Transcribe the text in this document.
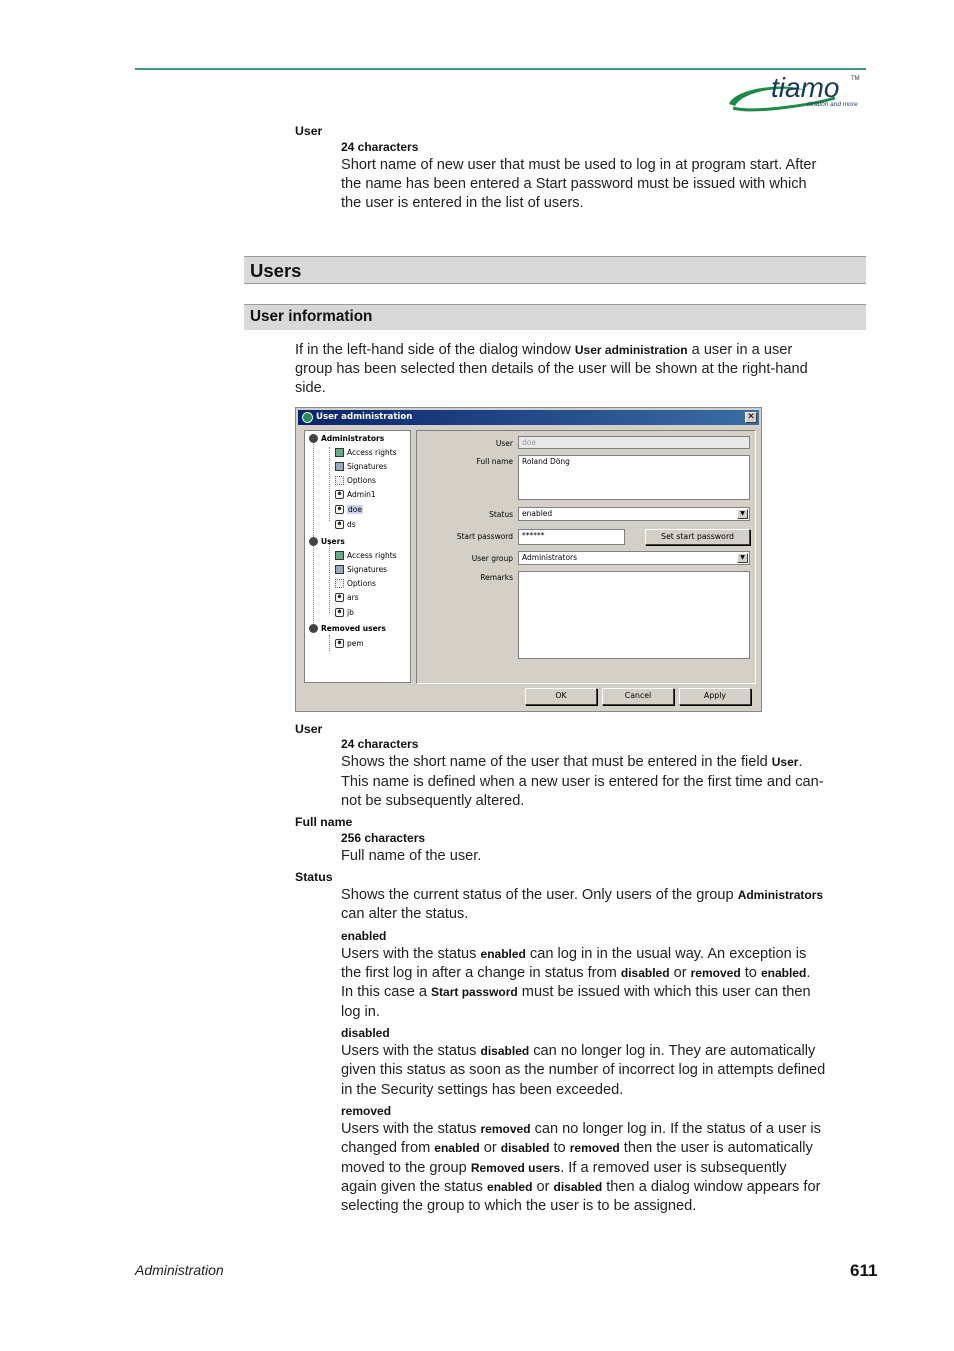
tiamo TM
titration and more
User
24 characters
Short name of new user that must be used to log in at program start. After
the name has been entered a Start password must be issued with which
the user is entered in the list of users.
Users
User information
If in the left-hand side of the dialog window User administration a user in a user
group has been selected then details of the user will be shown at the right-hand
side.
User administration	✕
Administrators
Access rights
Signatures
Options
Admin1
doe
ds
Users
Access rights
Signatures
Options
ars
jb
Removed users
pem
User	doe
Full name	Roland Döng
Status	enabled	▼
Start password	******	Set start password
User group	Administrators	▼
Remarks
OK	Cancel	Apply
User
24 characters
Shows the short name of the user that must be entered in the field User.
This name is defined when a new user is entered for the first time and can-
not be subsequently altered.
Full name
256 characters
Full name of the user.
Status
Shows the current status of the user. Only users of the group Administrators
can alter the status.
enabled
Users with the status enabled can log in in the usual way. An exception is
the first log in after a change in status from disabled or removed to enabled.
In this case a Start password must be issued with which this user can then
log in.
disabled
Users with the status disabled can no longer log in. They are automatically
given this status as soon as the number of incorrect log in attempts defined
in the Security settings has been exceeded.
removed
Users with the status removed can no longer log in. If the status of a user is
changed from enabled or disabled to removed then the user is automatically
moved to the group Removed users. If a removed user is subsequently
again given the status enabled or disabled then a dialog window appears for
selecting the group to which the user is to be assigned.
Administration	611
